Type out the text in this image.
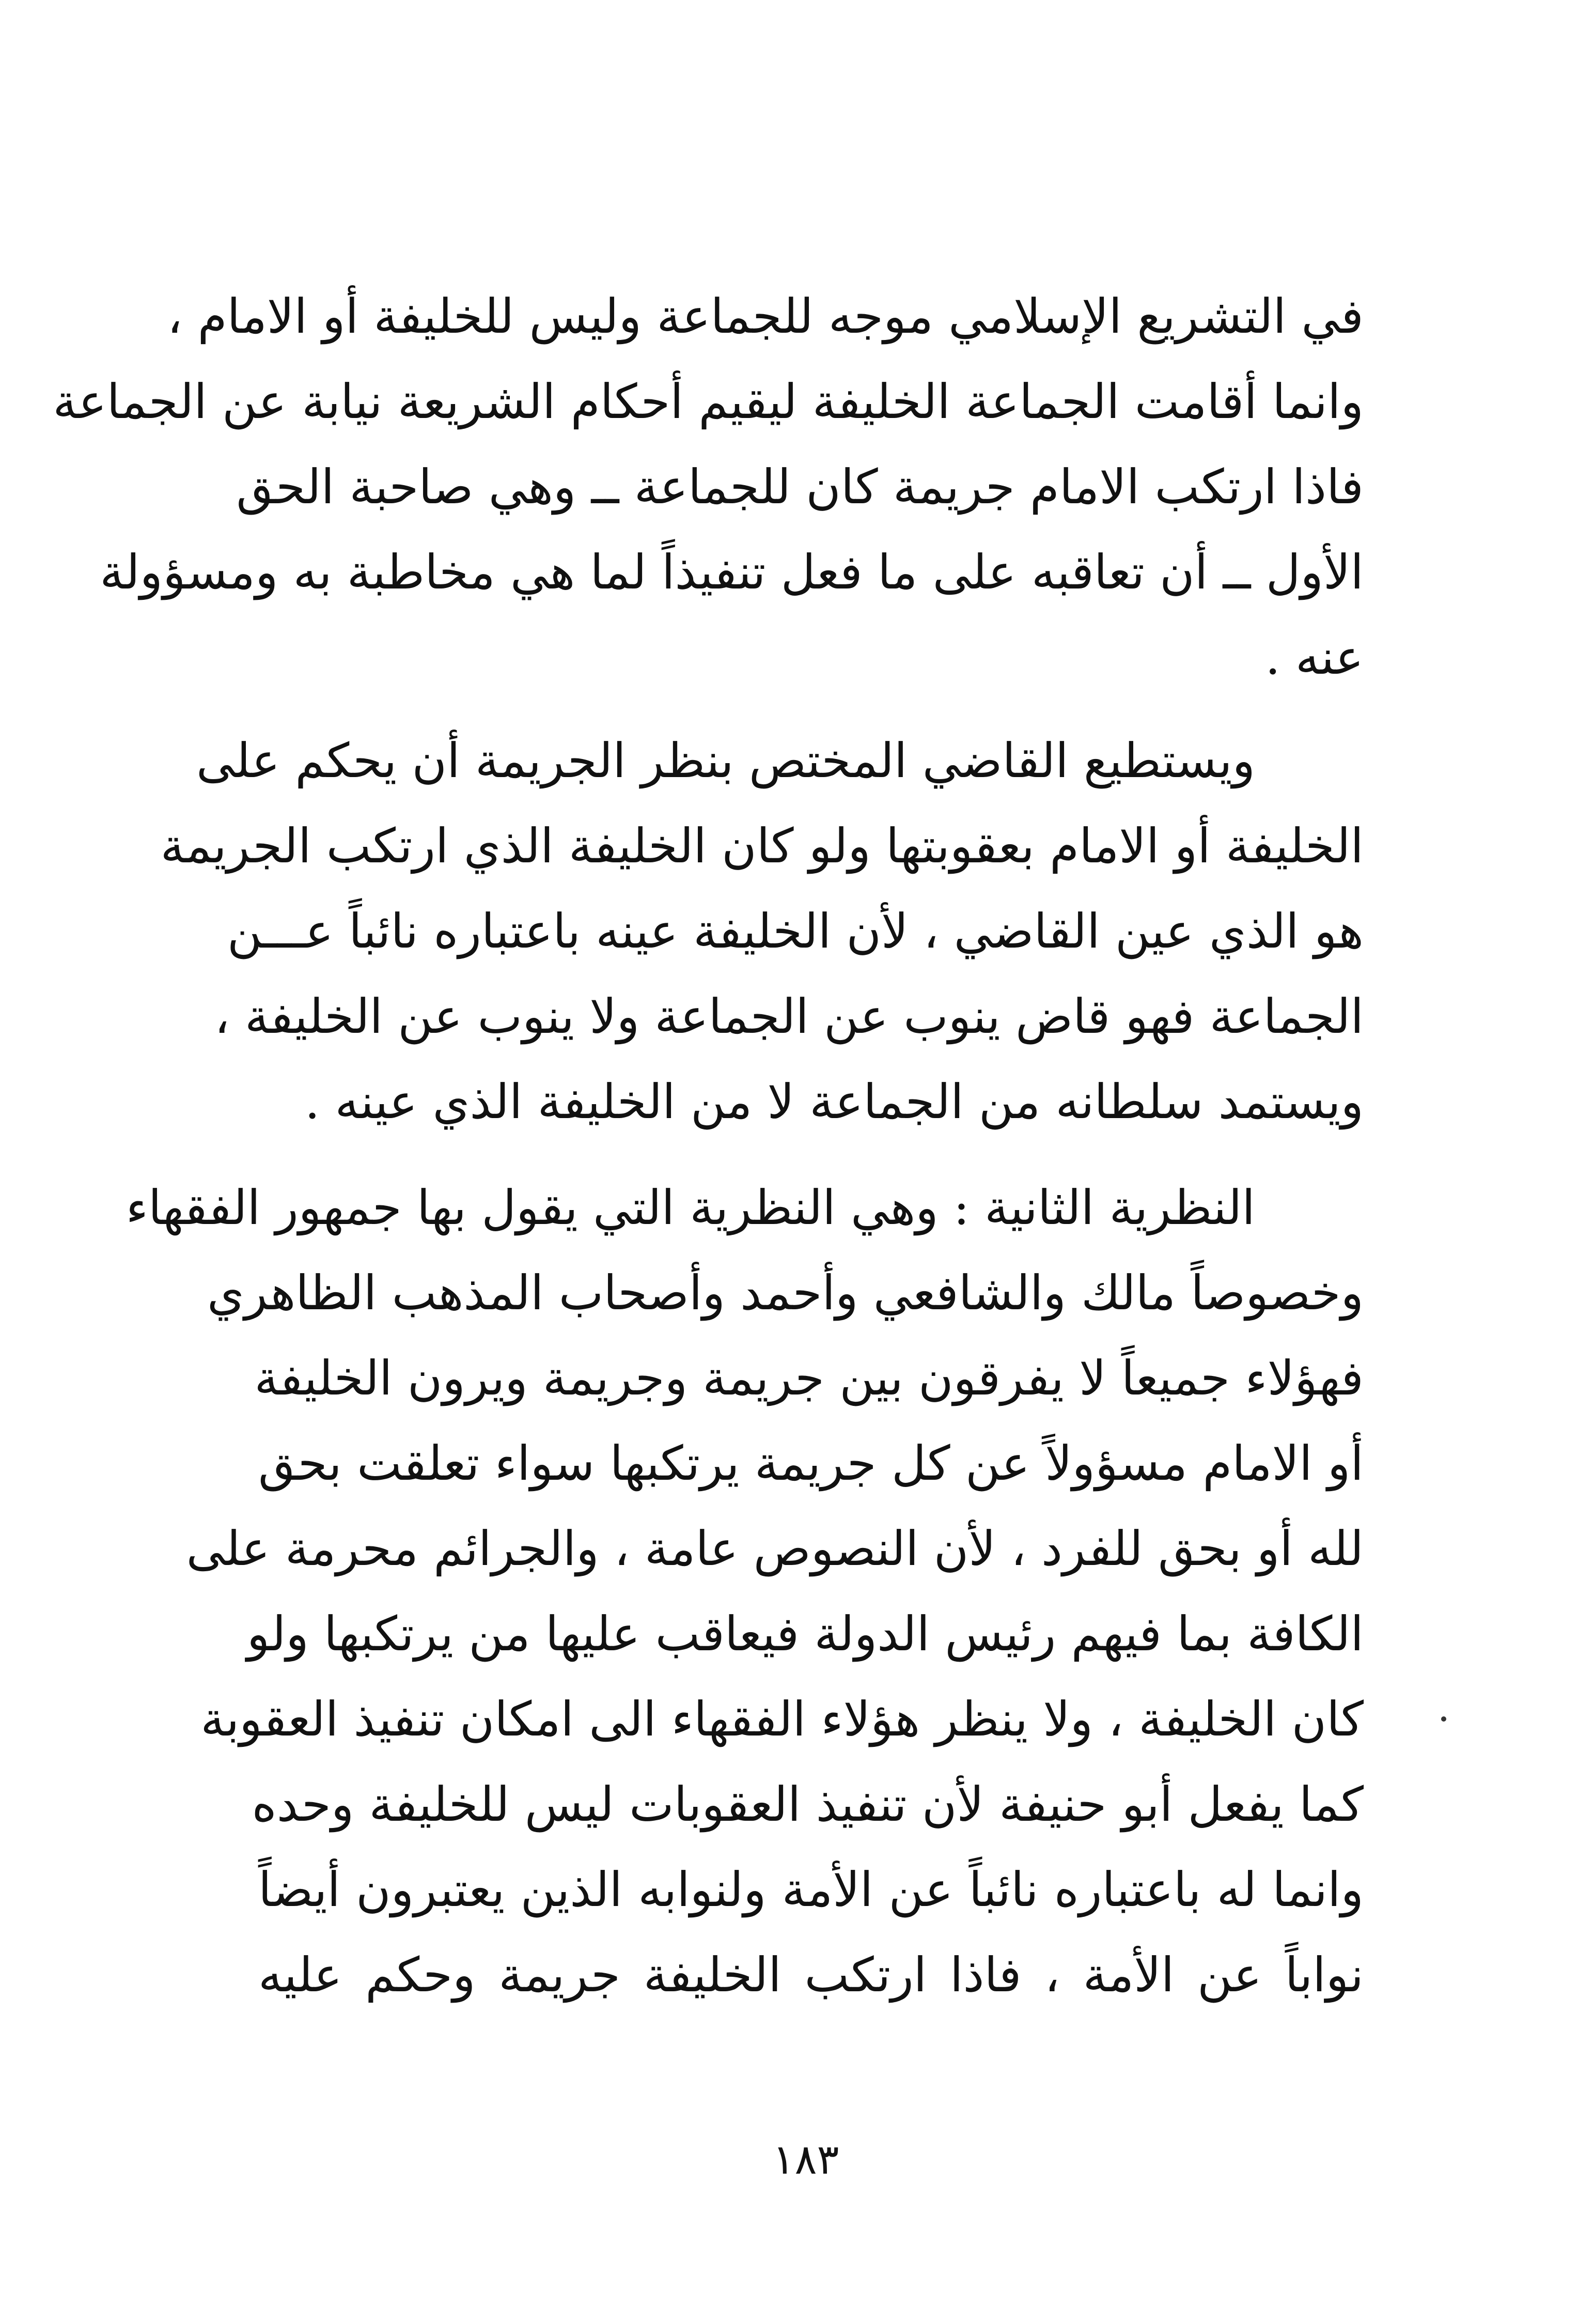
في التشريع الإسلامي موجه للجماعة وليس للخليفة أو الامام ،
وانما أقامت الجماعة الخليفة ليقيم أحكام الشريعة نيابة عن الجماعة
فاذا ارتكب الامام جريمة كان للجماعة ــ وهي صاحبة الحق
الأول ــ أن تعاقبه على ما فعل تنفيذاً لما هي مخاطبة به ومسؤولة
عنه .
ويستطيع القاضي المختص بنظر الجريمة أن يحكم على
الخليفة أو الامام بعقوبتها ولو كان الخليفة الذي ارتكب الجريمة
هو الذي عين القاضي ، لأن الخليفة عينه باعتباره نائباً عـــن
الجماعة فهو قاض ينوب عن الجماعة ولا ينوب عن الخليفة ،
ويستمد سلطانه من الجماعة لا من الخليفة الذي عينه .
النظرية الثانية : وهي النظرية التي يقول بها جمهور الفقهاء
وخصوصاً مالك والشافعي وأحمد وأصحاب المذهب الظاهري
فهؤلاء جميعاً لا يفرقون بين جريمة وجريمة ويرون الخليفة
أو الامام مسؤولاً عن كل جريمة يرتكبها سواء تعلقت بحق
لله أو بحق للفرد ، لأن النصوص عامة ، والجرائم محرمة على
الكافة بما فيهم رئيس الدولة فيعاقب عليها من يرتكبها ولو
كان الخليفة ، ولا ينظر هؤلاء الفقهاء الى امكان تنفيذ العقوبة
كما يفعل أبو حنيفة لأن تنفيذ العقوبات ليس للخليفة وحده
وانما له باعتباره نائباً عن الأمة ولنوابه الذين يعتبرون أيضاً
نواباً عن الأمة ، فاذا ارتكب الخليفة جريمة وحكم عليه
١٨٣
